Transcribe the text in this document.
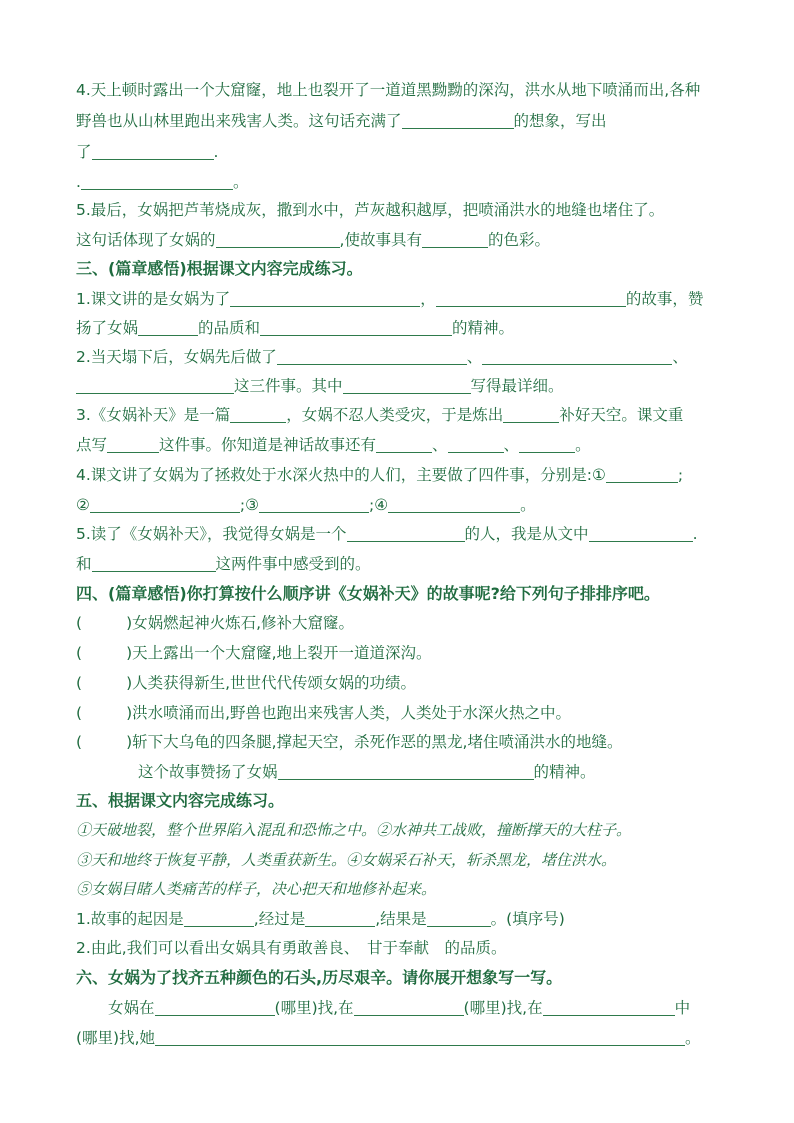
4.天上顿时露出一个大窟窿，地上也裂开了一道道黑黝黝的深沟，洪水从地下喷涌而出,各种
野兽也从山林里跑出来残害人类。这句话充满了	的想象，写出
了	.
.	。
5.最后，女娲把芦苇烧成灰，撒到水中，芦灰越积越厚，把喷涌洪水的地缝也堵住了。
这句话体现了女娲的	,使故事具有	的色彩。
三、(篇章感悟)根据课文内容完成练习。
1.课文讲的是女娲为了	，	的故事，赞
扬了女娲	的品质和	的精神。
2.当天塌下后，女娲先后做了	、	、
这三件事。其中	写得最详细。
3.《女娲补天》是一篇	，女娲不忍人类受灾，于是炼出	补好天空。课文重
点写	这件事。你知道是神话故事还有	、	、	。
4.课文讲了女娲为了拯救处于水深火热中的人们，主要做了四件事，分别是:①	;
②	;③	;④	。
5.读了《女娲补天》，我觉得女娲是一个	的人，我是从文中	.
和	这两件事中感受到的。
四、(篇章感悟)你打算按什么顺序讲《女娲补天》的故事呢?给下列句子排排序吧。
(	)女娲燃起神火炼石,修补大窟窿。
(	)天上露出一个大窟窿,地上裂开一道道深沟。
(	)人类获得新生,世世代代传颂女娲的功绩。
(	)洪水喷涌而出,野兽也跑出来残害人类，人类处于水深火热之中。
(	)斩下大乌龟的四条腿,撑起天空，杀死作恶的黑龙,堵住喷涌洪水的地缝。
这个故事赞扬了女娲	的精神。
五、根据课文内容完成练习。
①天破地裂，整个世界陷入混乱和恐怖之中。②水神共工战败，撞断撑天的大柱子。
③天和地终于恢复平静，人类重获新生。④女娲采石补天，斩杀黑龙，堵住洪水。
⑤女娲目睹人类痛苦的样子，决心把天和地修补起来。
1.故事的起因是	,经过是	,结果是	。(填序号)
2.由此,我们可以看出女娲具有勇敢善良、　甘于奉献　的品质。
六、女娲为了找齐五种颜色的石头,历尽艰辛。请你展开想象写一写。
女娲在	(哪里)找,在	(哪里)找,在	中
(哪里)找,她	。
